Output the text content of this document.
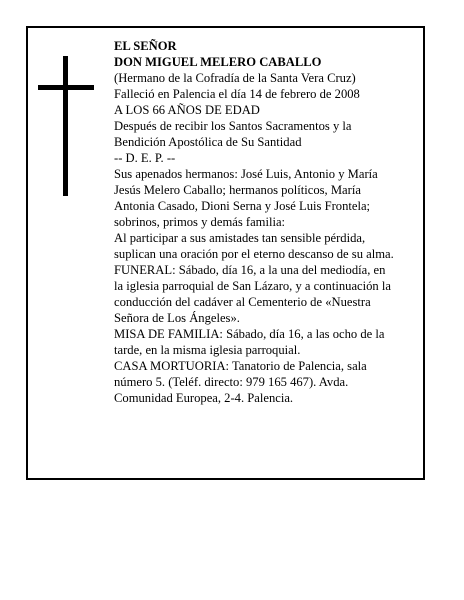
EL SEÑOR
DON MIGUEL MELERO CABALLO
(Hermano de la Cofradía de la Santa Vera Cruz)
Falleció en Palencia el día 14 de febrero de 2008
A LOS 66 AÑOS DE EDAD
Después de recibir los Santos Sacramentos y la
Bendición Apostólica de Su Santidad
-- D. E. P. --
Sus apenados hermanos: José Luis, Antonio y María
Jesús Melero Caballo; hermanos políticos, María
Antonia Casado, Dioni Serna y José Luis Frontela;
sobrinos, primos y demás familia:
Al participar a sus amistades tan sensible pérdida,
suplican una oración por el eterno descanso de su alma.
FUNERAL: Sábado, día 16, a la una del mediodía, en
la iglesia parroquial de San Lázaro, y a continuación la
conducción del cadáver al Cementerio de «Nuestra
Señora de Los Ángeles».
MISA DE FAMILIA: Sábado, día 16, a las ocho de la
tarde, en la misma iglesia parroquial.
CASA MORTUORIA: Tanatorio de Palencia, sala
número 5. (Teléf. directo: 979 165 467). Avda.
Comunidad Europea, 2-4. Palencia.
